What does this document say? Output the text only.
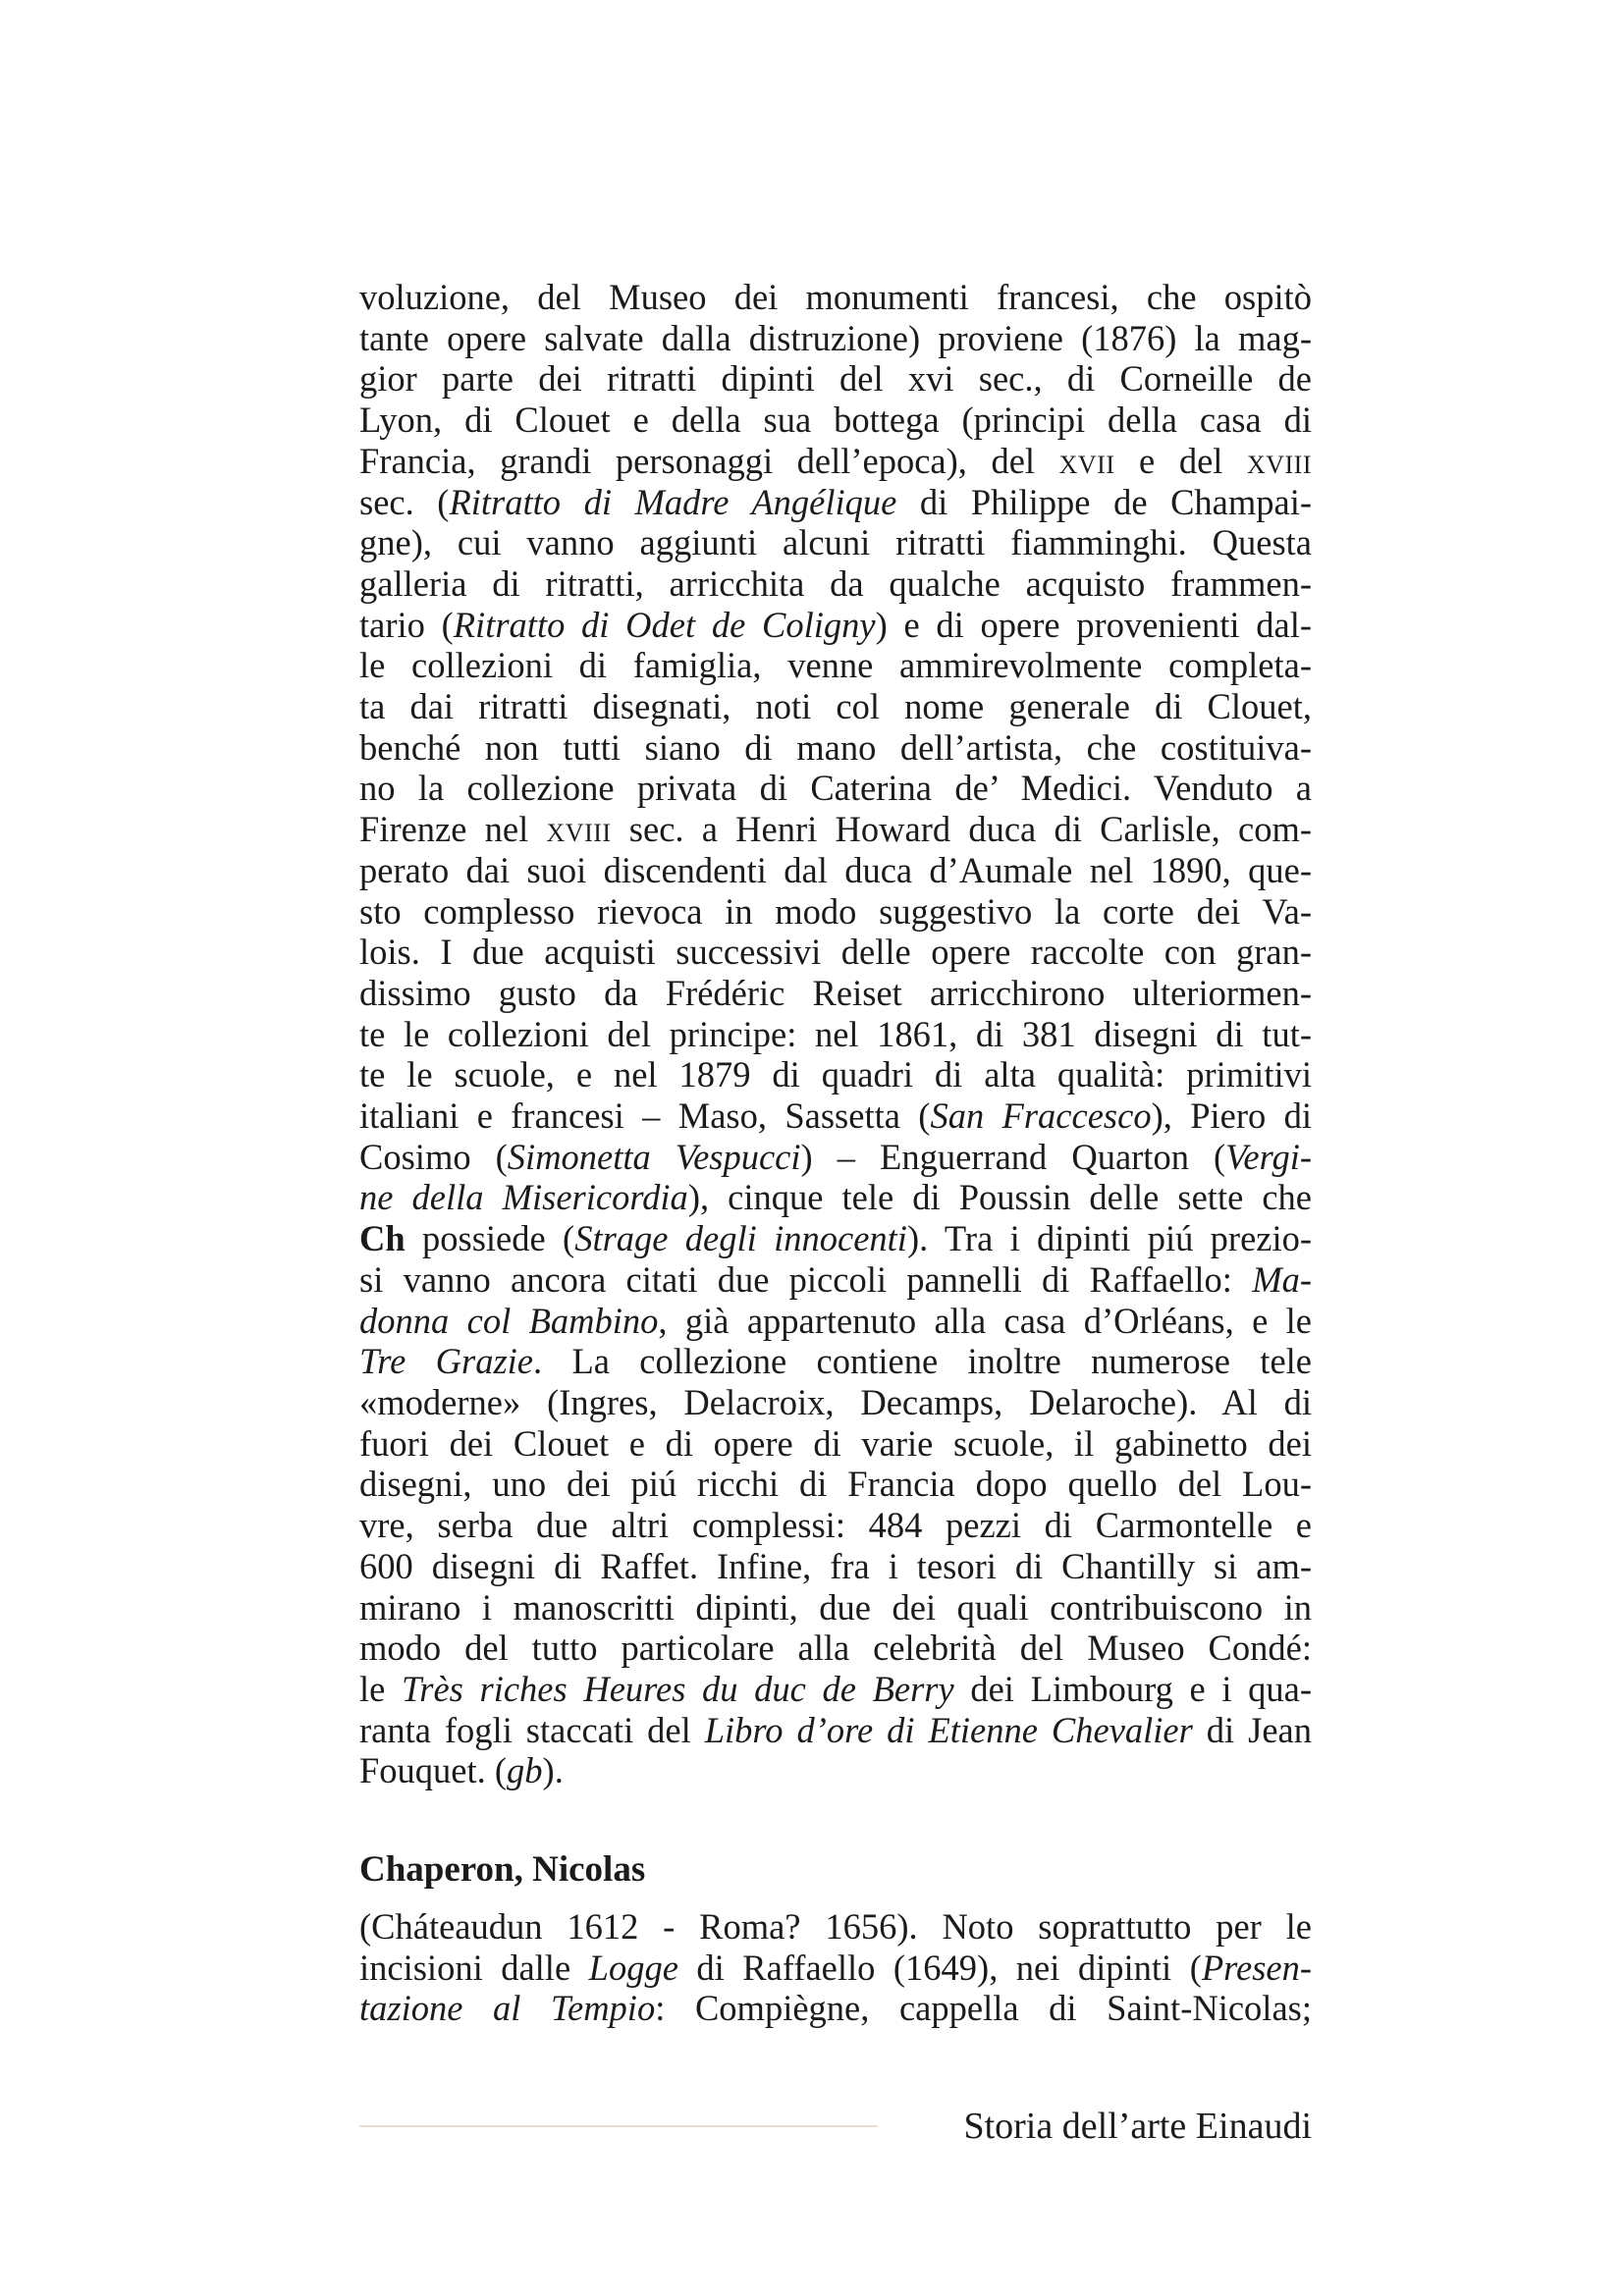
voluzione, del Museo dei monumenti francesi, che ospitò
tante opere salvate dalla distruzione) proviene (1876) la mag-
gior parte dei ritratti dipinti del xvi sec., di Corneille de
Lyon, di Clouet e della sua bottega (principi della casa di
Francia, grandi personaggi dell’epoca), del xvii e del xviii
sec. (Ritratto di Madre Angélique di Philippe de Champai-
gne), cui vanno aggiunti alcuni ritratti fiamminghi. Questa
galleria di ritratti, arricchita da qualche acquisto frammen-
tario (Ritratto di Odet de Coligny) e di opere provenienti dal-
le collezioni di famiglia, venne ammirevolmente completa-
ta dai ritratti disegnati, noti col nome generale di Clouet,
benché non tutti siano di mano dell’artista, che costituiva-
no la collezione privata di Caterina de’ Medici. Venduto a
Firenze nel xviii sec. a Henri Howard duca di Carlisle, com-
perato dai suoi discendenti dal duca d’Aumale nel 1890, que-
sto complesso rievoca in modo suggestivo la corte dei Va-
lois. I due acquisti successivi delle opere raccolte con gran-
dissimo gusto da Frédéric Reiset arricchirono ulteriormen-
te le collezioni del principe: nel 1861, di 381 disegni di tut-
te le scuole, e nel 1879 di quadri di alta qualità: primitivi
italiani e francesi – Maso, Sassetta (San Fraccesco), Piero di
Cosimo (Simonetta Vespucci) – Enguerrand Quarton (Vergi-
ne della Misericordia), cinque tele di Poussin delle sette che
Ch possiede (Strage degli innocenti). Tra i dipinti piú prezio-
si vanno ancora citati due piccoli pannelli di Raffaello: Ma-
donna col Bambino, già appartenuto alla casa d’Orléans, e le
Tre Grazie. La collezione contiene inoltre numerose tele
«moderne» (Ingres, Delacroix, Decamps, Delaroche). Al di
fuori dei Clouet e di opere di varie scuole, il gabinetto dei
disegni, uno dei piú ricchi di Francia dopo quello del Lou-
vre, serba due altri complessi: 484 pezzi di Carmontelle e
600 disegni di Raffet. Infine, fra i tesori di Chantilly si am-
mirano i manoscritti dipinti, due dei quali contribuiscono in
modo del tutto particolare alla celebrità del Museo Condé:
le Très riches Heures du duc de Berry dei Limbourg e i qua-
ranta fogli staccati del Libro d’ore di Etienne Chevalier di Jean
Fouquet. (gb).
Chaperon, Nicolas
(Cháteaudun 1612 - Roma? 1656). Noto soprattutto per le
incisioni dalle Logge di Raffaello (1649), nei dipinti (Presen-
tazione al Tempio: Compiègne, cappella di Saint-Nicolas;
Storia dell’arte Einaudi
